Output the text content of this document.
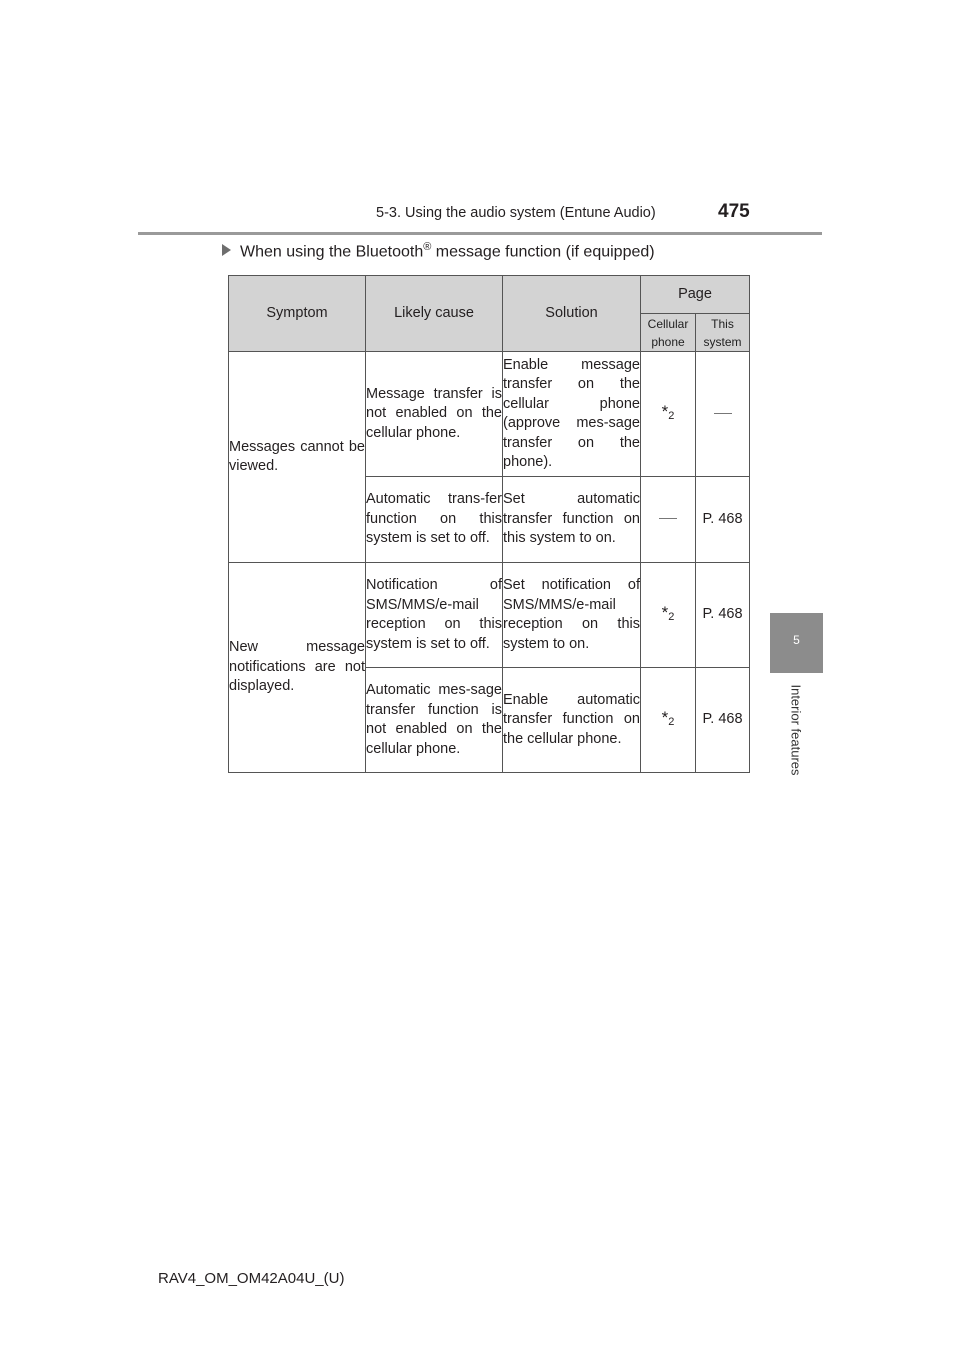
5-3. Using the audio system (Entune Audio)	475
5
Interior features
When using the Bluetooth® message function (if equipped)
Symptom	Likely cause	Solution	Page	
			Cellular phone	This system
Messages cannot be viewed.	Message transfer is not enabled on the cellular phone.	Enable message transfer on the cellular phone (approve mes-sage transfer on the phone).	$*_2$	
	Automatic trans-fer function on this system is set to off.	Set automatic transfer function on this system to on.		P. 468
New message notifications are not displayed.	Notification of SMS/MMS/e-mail reception on this system is set to off.	Set notification of SMS/MMS/e-mail reception on this system to on.	$*_2$	P. 468
	Automatic mes-sage transfer function is not enabled on the cellular phone.	Enable automatic transfer function on the cellular phone.	$*_2$	P. 468
RAV4_OM_OM42A04U_(U)
